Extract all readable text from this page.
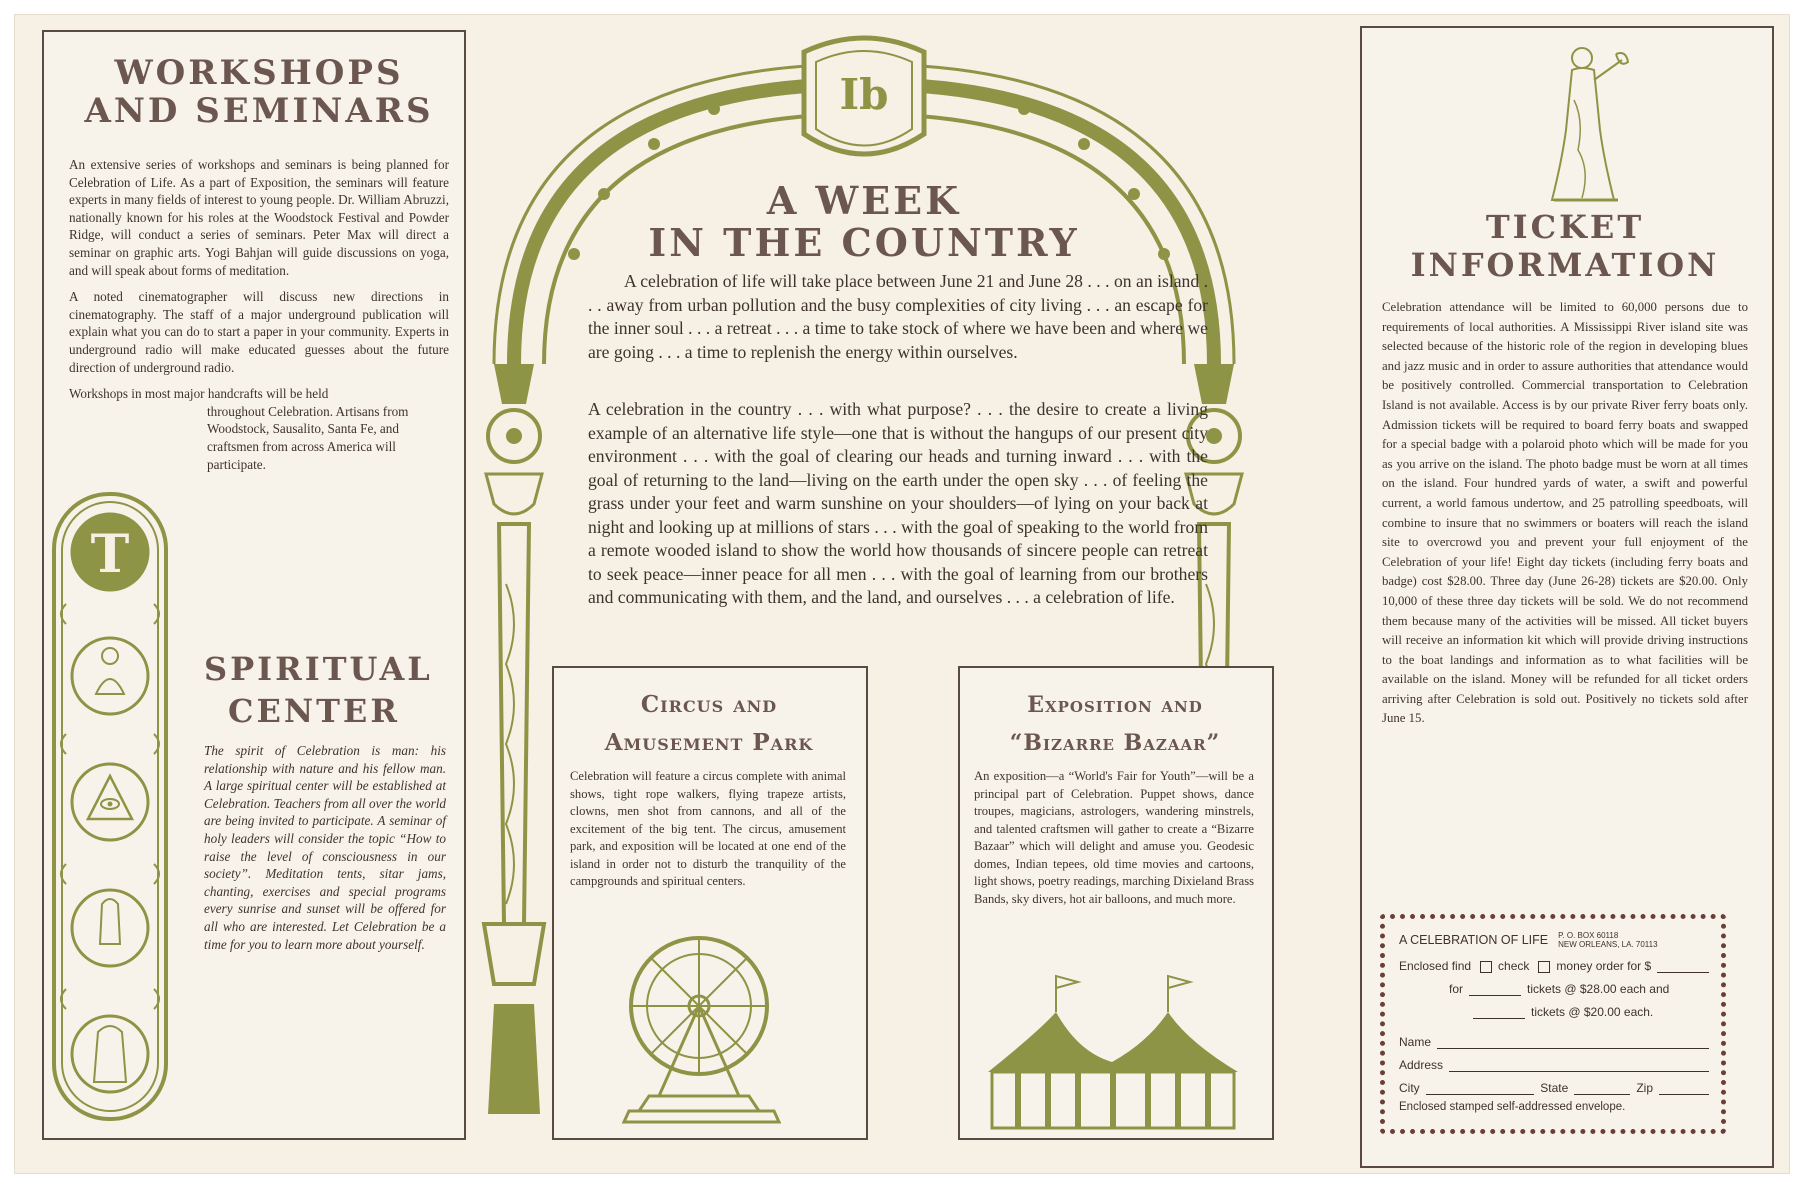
WORKSHOPS
AND SEMINARS

An extensive series of workshops and seminars is being planned for Celebration of Life. As a part of Exposition, the seminars will feature experts in many fields of interest to young people. Dr. William Abruzzi, nationally known for his roles at the Woodstock Festival and Powder Ridge, will conduct a series of seminars. Peter Max will direct a seminar on graphic arts. Yogi Bahjan will guide discussions on yoga, and will speak about forms of meditation.

A noted cinematographer will discuss new directions in cinematography. The staff of a major underground publication will explain what you can do to start a paper in your community. Experts in underground radio will make educated guesses about the future direction of underground radio.

Workshops in most major handcrafts will be held

throughout Celebration. Artisans from Woodstock, Sausalito, Santa Fe, and craftsmen from across America will participate.

T
SPIRITUAL
CENTER

The spirit of Celebration is man: his relationship with nature and his fellow man. A large spiritual center will be established at Celebration. Teachers from all over the world are being invited to participate. A seminar of holy leaders will consider the topic “How to raise the level of consciousness in our society”. Meditation tents, sitar jams, chanting, exercises and special programs every sunrise and sunset will be offered for all who are interested. Let Celebration be a time for you to learn more about yourself.

Ib
A WEEK
IN THE COUNTRY

A celebration of life will take place between June 21 and June 28 . . . on an island . . . away from urban pollution and the busy complexities of city living . . . an escape for the inner soul . . . a retreat . . . a time to take stock of where we have been and where we are going . . . a time to replenish the energy within ourselves.

A celebration in the country . . . with what purpose? . . . the desire to create a living example of an alternative life style—one that is without the hangups of our present city environment . . . with the goal of clearing our heads and turning inward . . . with the goal of returning to the land—living on the earth under the open sky . . . of feeling the grass under your feet and warm sunshine on your shoulders—of lying on your back at night and looking up at millions of stars . . . with the goal of speaking to the world from a remote wooded island to show the world how thousands of sincere people can retreat to seek peace—inner peace for all men . . . with the goal of learning from our brothers and communicating with them, and the land, and ourselves . . . a celebration of life.

Circus and
Amusement Park

Celebration will feature a circus complete with animal shows, tight rope walkers, flying trapeze artists, clowns, men shot from cannons, and all of the excitement of the big tent. The circus, amusement park, and exposition will be located at one end of the island in order not to disturb the tranquility of the campgrounds and spiritual centers.

Exposition and
“Bizarre Bazaar”

An exposition—a “World's Fair for Youth”—will be a principal part of Celebration. Puppet shows, dance troupes, magicians, astrologers, wandering minstrels, and talented craftsmen will gather to create a “Bizarre Bazaar” which will delight and amuse you. Geodesic domes, Indian tepees, old time movies and cartoons, light shows, poetry readings, marching Dixieland Brass Bands, sky divers, hot air balloons, and much more.

TICKET
INFORMATION

Celebration attendance will be limited to 60,000 persons due to requirements of local authorities. A Mississippi River island site was selected because of the historic role of the region in developing blues and jazz music and in order to assure authorities that attendance would be positively controlled. Commercial transportation to Celebration Island is not available. Access is by our private River ferry boats only. Admission tickets will be required to board ferry boats and swapped for a special badge with a polaroid photo which will be made for you as you arrive on the island. The photo badge must be worn at all times on the island. Four hundred yards of water, a swift and powerful current, a world famous undertow, and 25 patrolling speedboats, will combine to insure that no swimmers or boaters will reach the island site to overcrowd you and prevent your full enjoyment of the Celebration of your life! Eight day tickets (including ferry boats and badge) cost $28.00. Three day (June 26-28) tickets are $20.00. Only 10,000 of these three day tickets will be sold. We do not recommend them because many of the activities will be missed. All ticket buyers will receive an information kit which will provide driving instructions to the boat landings and information as to what facilities will be available on the island. Money will be refunded for all ticket orders arriving after Celebration is sold out. Positively no tickets sold after June 15.

A CELEBRATION OF LIFE P. O. BOX 60118
NEW ORLEANS, LA. 70113
Enclosed find check money order for $
for	tickets @ $28.00 each and
tickets @ $20.00 each.
Name
Address
City	State	Zip
Enclosed stamped self-addressed envelope.
